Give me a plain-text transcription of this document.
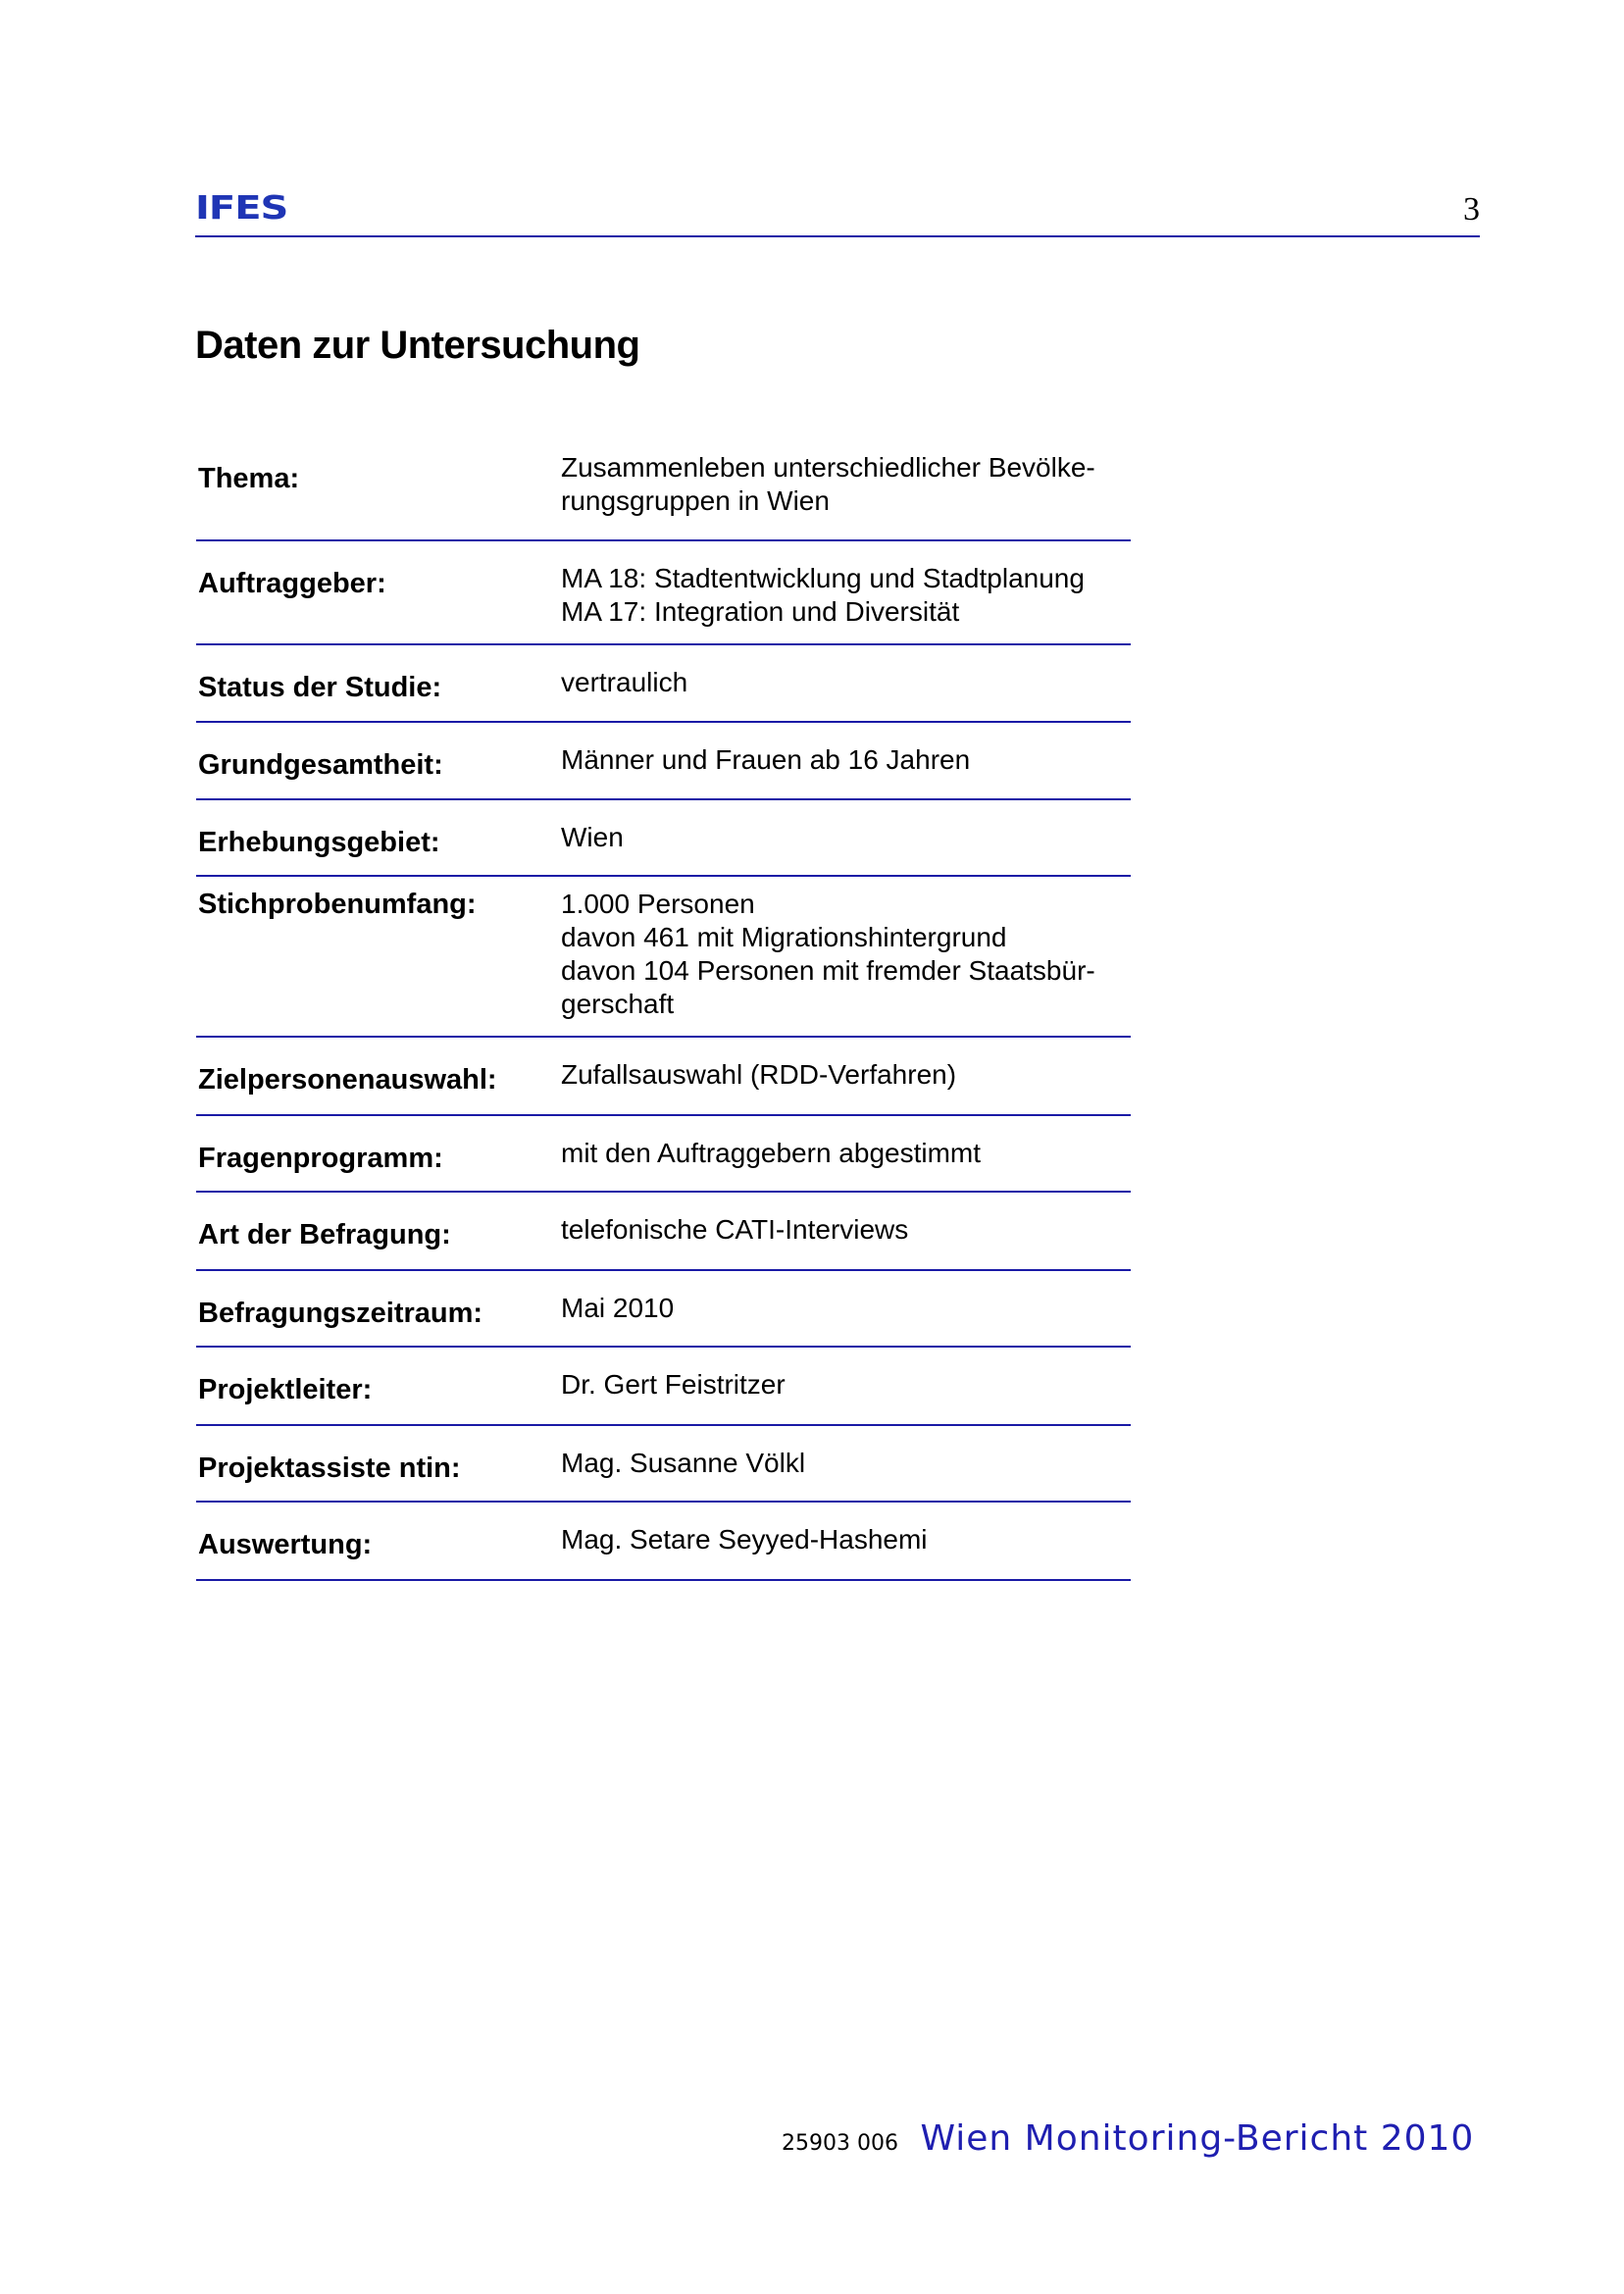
IFES	3
Daten zur Untersuchung
Thema:	Zusammenleben unterschiedlicher Bevölke-
rungsgruppen in Wien
Auftraggeber:	MA 18: Stadtentwicklung und Stadtplanung
MA 17: Integration und Diversität
Status der Studie:	vertraulich
Grundgesamtheit:	Männer und Frauen ab 16 Jahren
Erhebungsgebiet:	Wien
Stichprobenumfang:	1.000 Personen
davon 461 mit Migrationshintergrund
davon 104 Personen mit fremder Staatsbür-
gerschaft
Zielpersonenauswahl:	Zufallsauswahl (RDD-Verfahren)
Fragenprogramm:	mit den Auftraggebern abgestimmt
Art der Befragung:	telefonische CATI-Interviews
Befragungszeitraum:	Mai 2010
Projektleiter:	Dr. Gert Feistritzer
Projektassiste ntin:	Mag. Susanne Völkl
Auswertung:	Mag. Setare Seyyed-Hashemi
25903 006 Wien Monitoring-Bericht 2010
